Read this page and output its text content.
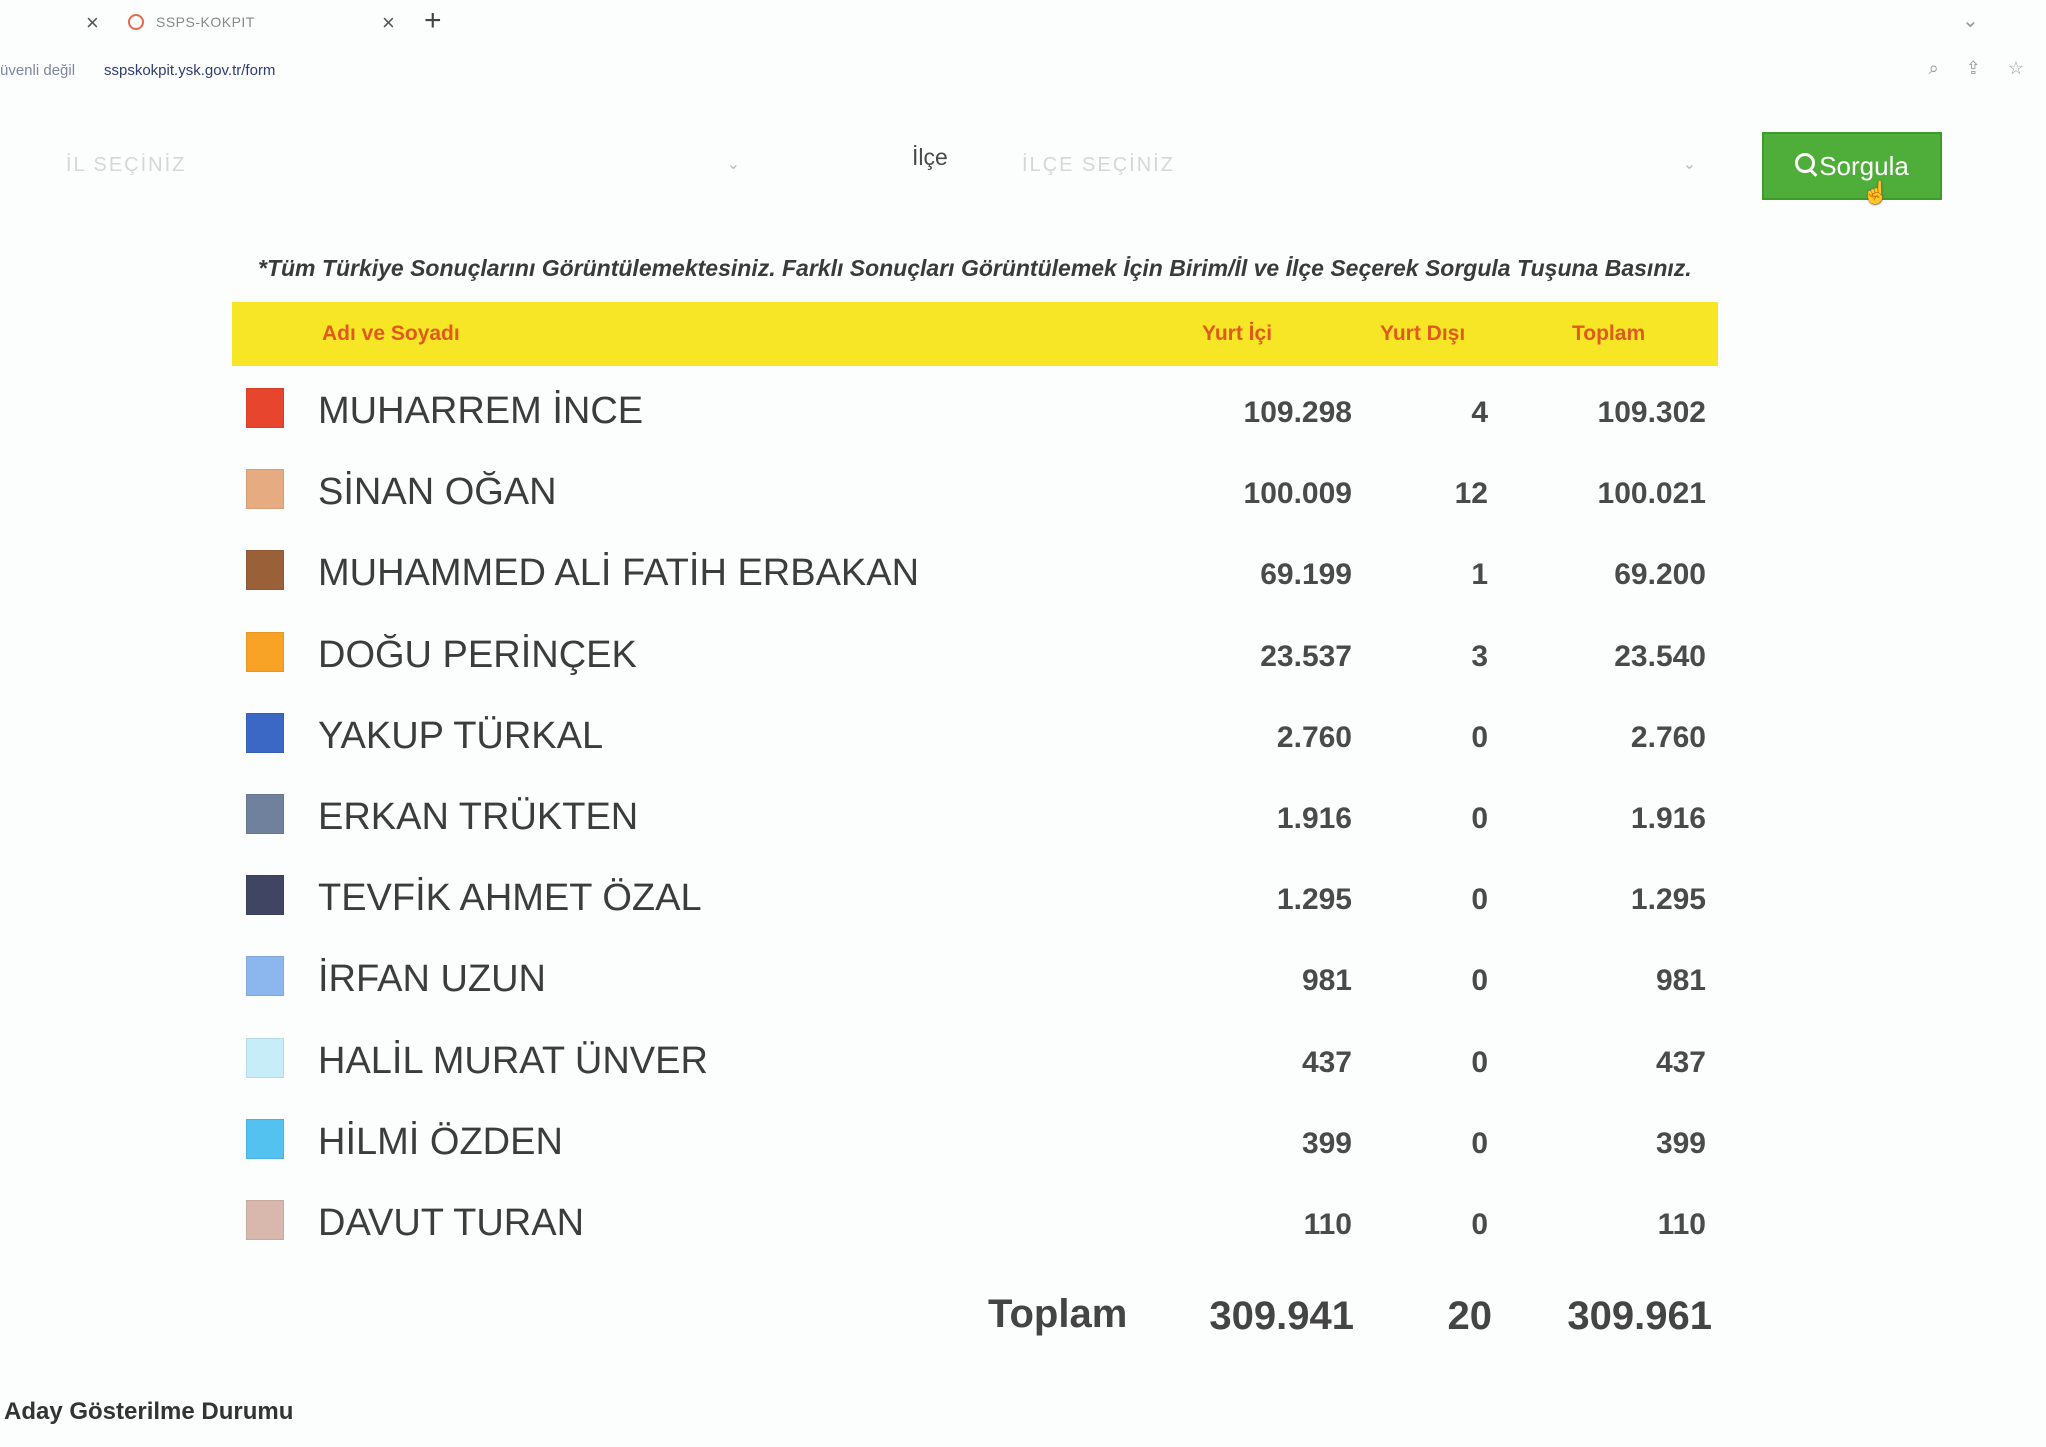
×	SSPS-KOKPIT	× +	⌄
üvenli değil sspskokpit.ysk.gov.tr/form	⌕ ⇪ ☆
İL SEÇİNİZ	⌄	İlçe	İLÇE SEÇİNİZ	⌄	Sorgula
☝
*Tüm Türkiye Sonuçlarını Görüntülemektesiniz. Farklı Sonuçları Görüntülemek İçin Birim/İl ve İlçe Seçerek Sorgula Tuşuna Basınız.
Adı ve Soyadı	Yurt İçi	Yurt Dışı	Toplam
MUHARREM İNCE	109.298	4	109.302
SİNAN OĞAN	100.009	12	100.021
MUHAMMED ALİ FATİH ERBAKAN	69.199	1	69.200
DOĞU PERİNÇEK	23.537	3	23.540
YAKUP TÜRKAL	2.760	0	2.760
ERKAN TRÜKTEN	1.916	0	1.916
TEVFİK AHMET ÖZAL	1.295	0	1.295
İRFAN UZUN	981	0	981
HALİL MURAT ÜNVER	437	0	437
HİLMİ ÖZDEN	399	0	399
DAVUT TURAN	110	0	110
Toplam 309.941 20 309.961
Aday Gösterilme Durumu
